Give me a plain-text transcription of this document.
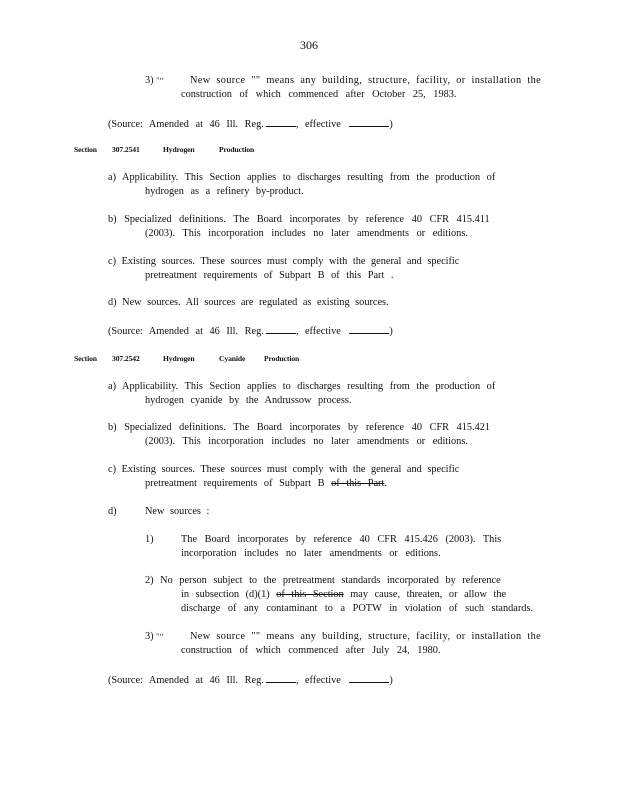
306
3) "‘‘	New source "" means any building, structure, facility, or installation the
construction of which commenced after October 25, 1983.
(Source: Amended at 46 Ill. Reg.	, effective	)
Section 307.2541	Hydrogen	Production
a) Applicability. This Section applies to discharges resulting from the production of
hydrogen as a refinery by-product.
b) Specialized definitions. The Board incorporates by reference 40 CFR 415.411
(2003). This incorporation includes no later amendments or editions.
c) Existing sources. These sources must comply with the general and specific
pretreatment requirements of Subpart B of this Part .
d) New sources. All sources are regulated as existing sources.
(Source: Amended at 46 Ill. Reg.	, effective	)
Section 307.2542	Hydrogen	Cyanide Production
a) Applicability. This Section applies to discharges resulting from the production of
hydrogen cyanide by the Andrussow process.
b) Specialized definitions. The Board incorporates by reference 40 CFR 415.421
(2003). This incorporation includes no later amendments or editions.
c) Existing sources. These sources must comply with the general and specific
pretreatment requirements of Subpart B of this Part.
d)	New sources :
1)	The Board incorporates by reference 40 CFR 415.426 (2003). This
incorporation includes no later amendments or editions.
2) No person subject to the pretreatment standards incorporated by reference
in subsection (d)(1) of this Section may cause, threaten, or allow the
discharge of any contaminant to a POTW in violation of such standards.
3) "‘‘	New source "" means any building, structure, facility, or installation the
construction of which commenced after July 24, 1980.
(Source: Amended at 46 Ill. Reg.	, effective	)
